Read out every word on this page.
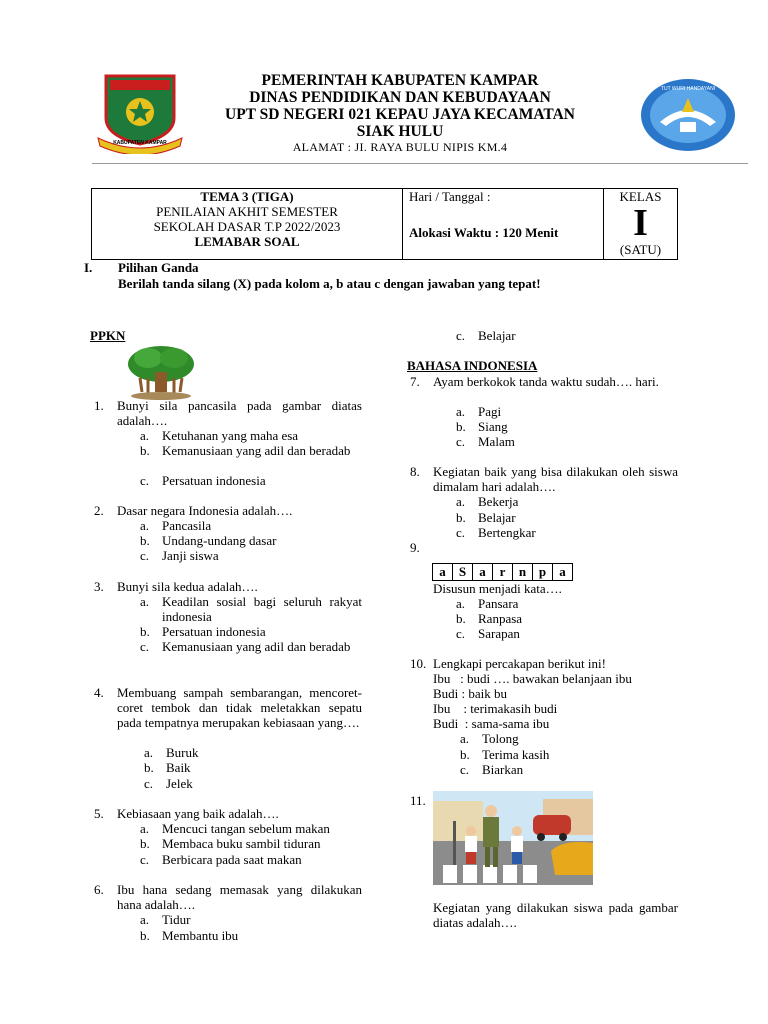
KABUPATEN KAMPAR
TUT WURI HANDAYANI
PEMERINTAH KABUPATEN KAMPAR
DINAS PENDIDIKAN DAN KEBUDAYAAN
UPT SD NEGERI 021 KEPAU JAYA KECAMATAN
SIAK HULU
ALAMAT : JI. RAYA BULU NIPIS KM.4
TEMA 3 (TIGA)
PENILAIAN AKHIT SEMESTER
SEKOLAH DASAR T.P 2022/2023
LEMABAR SOAL

Hari / Tanggal :
Alokasi Waktu : 120 Menit

KELAS
I
(SATU)
I. Pilihan Ganda
Berilah tanda silang (X) pada kolom a, b atau c dengan jawaban yang tepat!
PPKN
1. Bunyi sila pancasila pada gambar diatas adalah….
a. Ketuhanan yang maha esa
b. Kemanusiaan yang adil dan beradab
c. Persatuan indonesia
2. Dasar negara Indonesia adalah….
a. Pancasila
b. Undang-undang dasar
c. Janji siswa
3. Bunyi sila kedua adalah….
a. Keadilan sosial bagi seluruh rakyat indonesia
b. Persatuan indonesia
c. Kemanusiaan yang adil dan beradab
4. Membuang sampah sembarangan, mencoret-coret tembok dan tidak meletakkan sepatu pada tempatnya merupakan kebiasaan yang….
a. Buruk
b. Baik
c. Jelek
5. Kebiasaan yang baik adalah….
a. Mencuci tangan sebelum makan
b. Membaca buku sambil tiduran
c. Berbicara pada saat makan
6. Ibu hana sedang memasak yang dilakukan hana adalah….
a. Tidur
b. Membantu ibu
c. Belajar
BAHASA INDONESIA
7. Ayam berkokok tanda waktu sudah…. hari.
a. Pagi
b. Siang
c. Malam
8. Kegiatan baik yang bisa dilakukan oleh siswa dimalam hari adalah….
a. Bekerja
b. Belajar
c. Bertengkar
9.
a	S	a	r	n	p	a
Disusun menjadi kata….
a. Pansara
b. Ranpasa
c. Sarapan
10. Lengkapi percakapan berikut ini!
Ibu   : budi …. bawakan belanjaan ibu
Budi : baik bu
Ibu    : terimakasih budi
Budi  : sama-sama ibu
a. Tolong
b. Terima kasih
c. Biarkan
11.
Kegiatan yang dilakukan siswa pada gambar diatas adalah….
